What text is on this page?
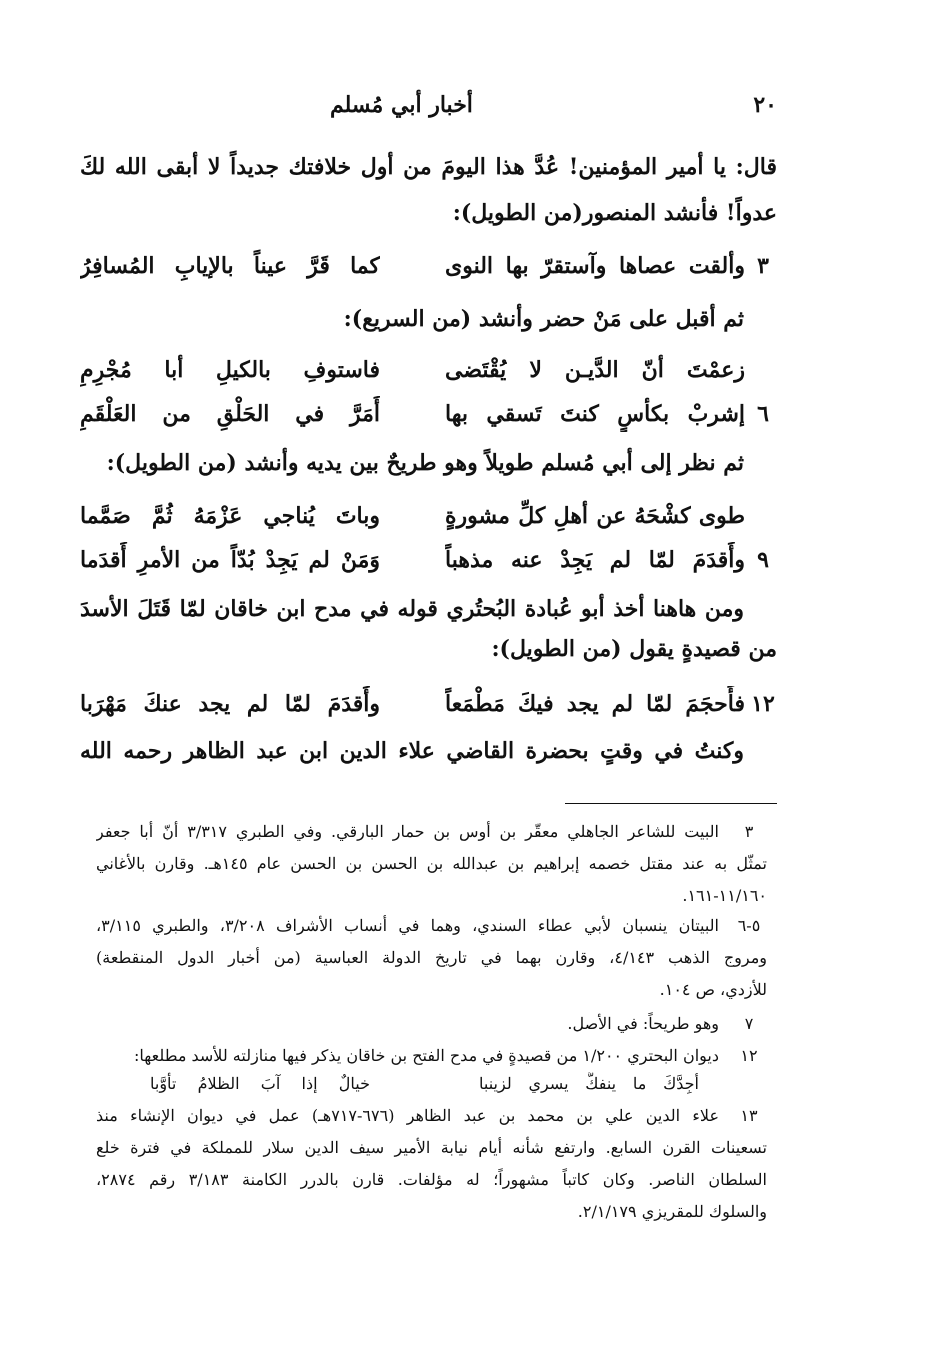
٢٠
أخبار أبي مُسلم
قال: يا أمير المؤمنين! عُدَّ هذا اليومَ من أول خلافتك جديداً لا أبقى الله لكَ
عدواً! فأنشد المنصور(من الطويل):
٣
وألقت عصاها وآستقرّ بها النوى
كما قَرَّ عيناً بالإيابِ المُسافِرُ
ثم أقبل على مَنْ حضر وأنشد (من السريع):
زعمْتَ أنّ الدَّيـن لا يُقْتَضى
فاستوفِ بالكيلِ أبا مُجْرِمِ
٦
إشربْ بكأسٍ كنتَ تَسقي بها
أَمَرَّ في الحَلْقِ من العَلْقَمِ
ثم نظر إلى أبي مُسلم طويلاً وهو طريحٌ بين يديه وأنشد (من الطويل):
طوى كشْحَهُ عن أهلِ كلِّ مشورةٍ
وباتَ يُناجي عَزْمَهُ ثُمَّ صَمَّما
٩
وأَقدَمَ لمّا لم يَجِدْ عنه مذهباً
وَمَنْ لم يَجِدْ بُدّاً من الأمرِ أَقدَما
ومن هاهنا أخذ أبو عُبادة البُحتُري قوله في مدح ابن خاقان لمّا قَتَلَ الأسدَ
من قصيدةٍ يقول (من الطويل):
١٢
فأَحجَمَ لمّا لم يجد فيكَ مَطْمَعاً
وأَقدَمَ لمّا لم يجد عنكَ مَهْرَبا
وكنتُ في وقتٍ بحضرة القاضي علاء الدين ابن عبد الظاهر رحمه الله
٣
البيت للشاعر الجاهلي معقّر بن أوس بن حمار البارقي. وفي الطبري ٣/٣١٧ أنّ أبا جعفر
تمثّل به عند مقتل خصمه إبراهيم بن عبدالله بن الحسن بن الحسن عام ١٤٥هـ. وقارن بالأغاني
١١/١٦٠-١٦١.
٥-٦
البيتان ينسبان لأبي عطاء السندي، وهما في أنساب الأشراف ٣/٢٠٨، والطبري ٣/١١٥،
ومروج الذهب ٤/١٤٣، وقارن بهما في تاريخ الدولة العباسية (من أخبار الدول المنقطعة)
للأزدي، ص ١٠٤.
٧
وهو طريحاً: في الأصل.
١٢
ديوان البحتري ١/٢٠٠ من قصيدةٍ في مدح الفتح بن خاقان يذكر فيها منازلته للأسد مطلعها:
أجِدَّكَ ما ينفكُّ يسري لزينبا
خيالٌ إذا آبَ الظلامُ تأوَّبا
١٣
علاء الدين علي بن محمد بن عبد الظاهر (٦٧٦-٧١٧هـ) عمل في ديوان الإنشاء منذ
تسعينات القرن السابع. وارتفع شأنه أيام نيابة الأمير سيف الدين سلار للمملكة في فترة خلع
السلطان الناصر. وكان كاتباً مشهوراً؛ له مؤلفات. قارن بالدرر الكامنة ٣/١٨٣ رقم ٢٨٧٤،
والسلوك للمقريزي ٢/١/١٧٩.
